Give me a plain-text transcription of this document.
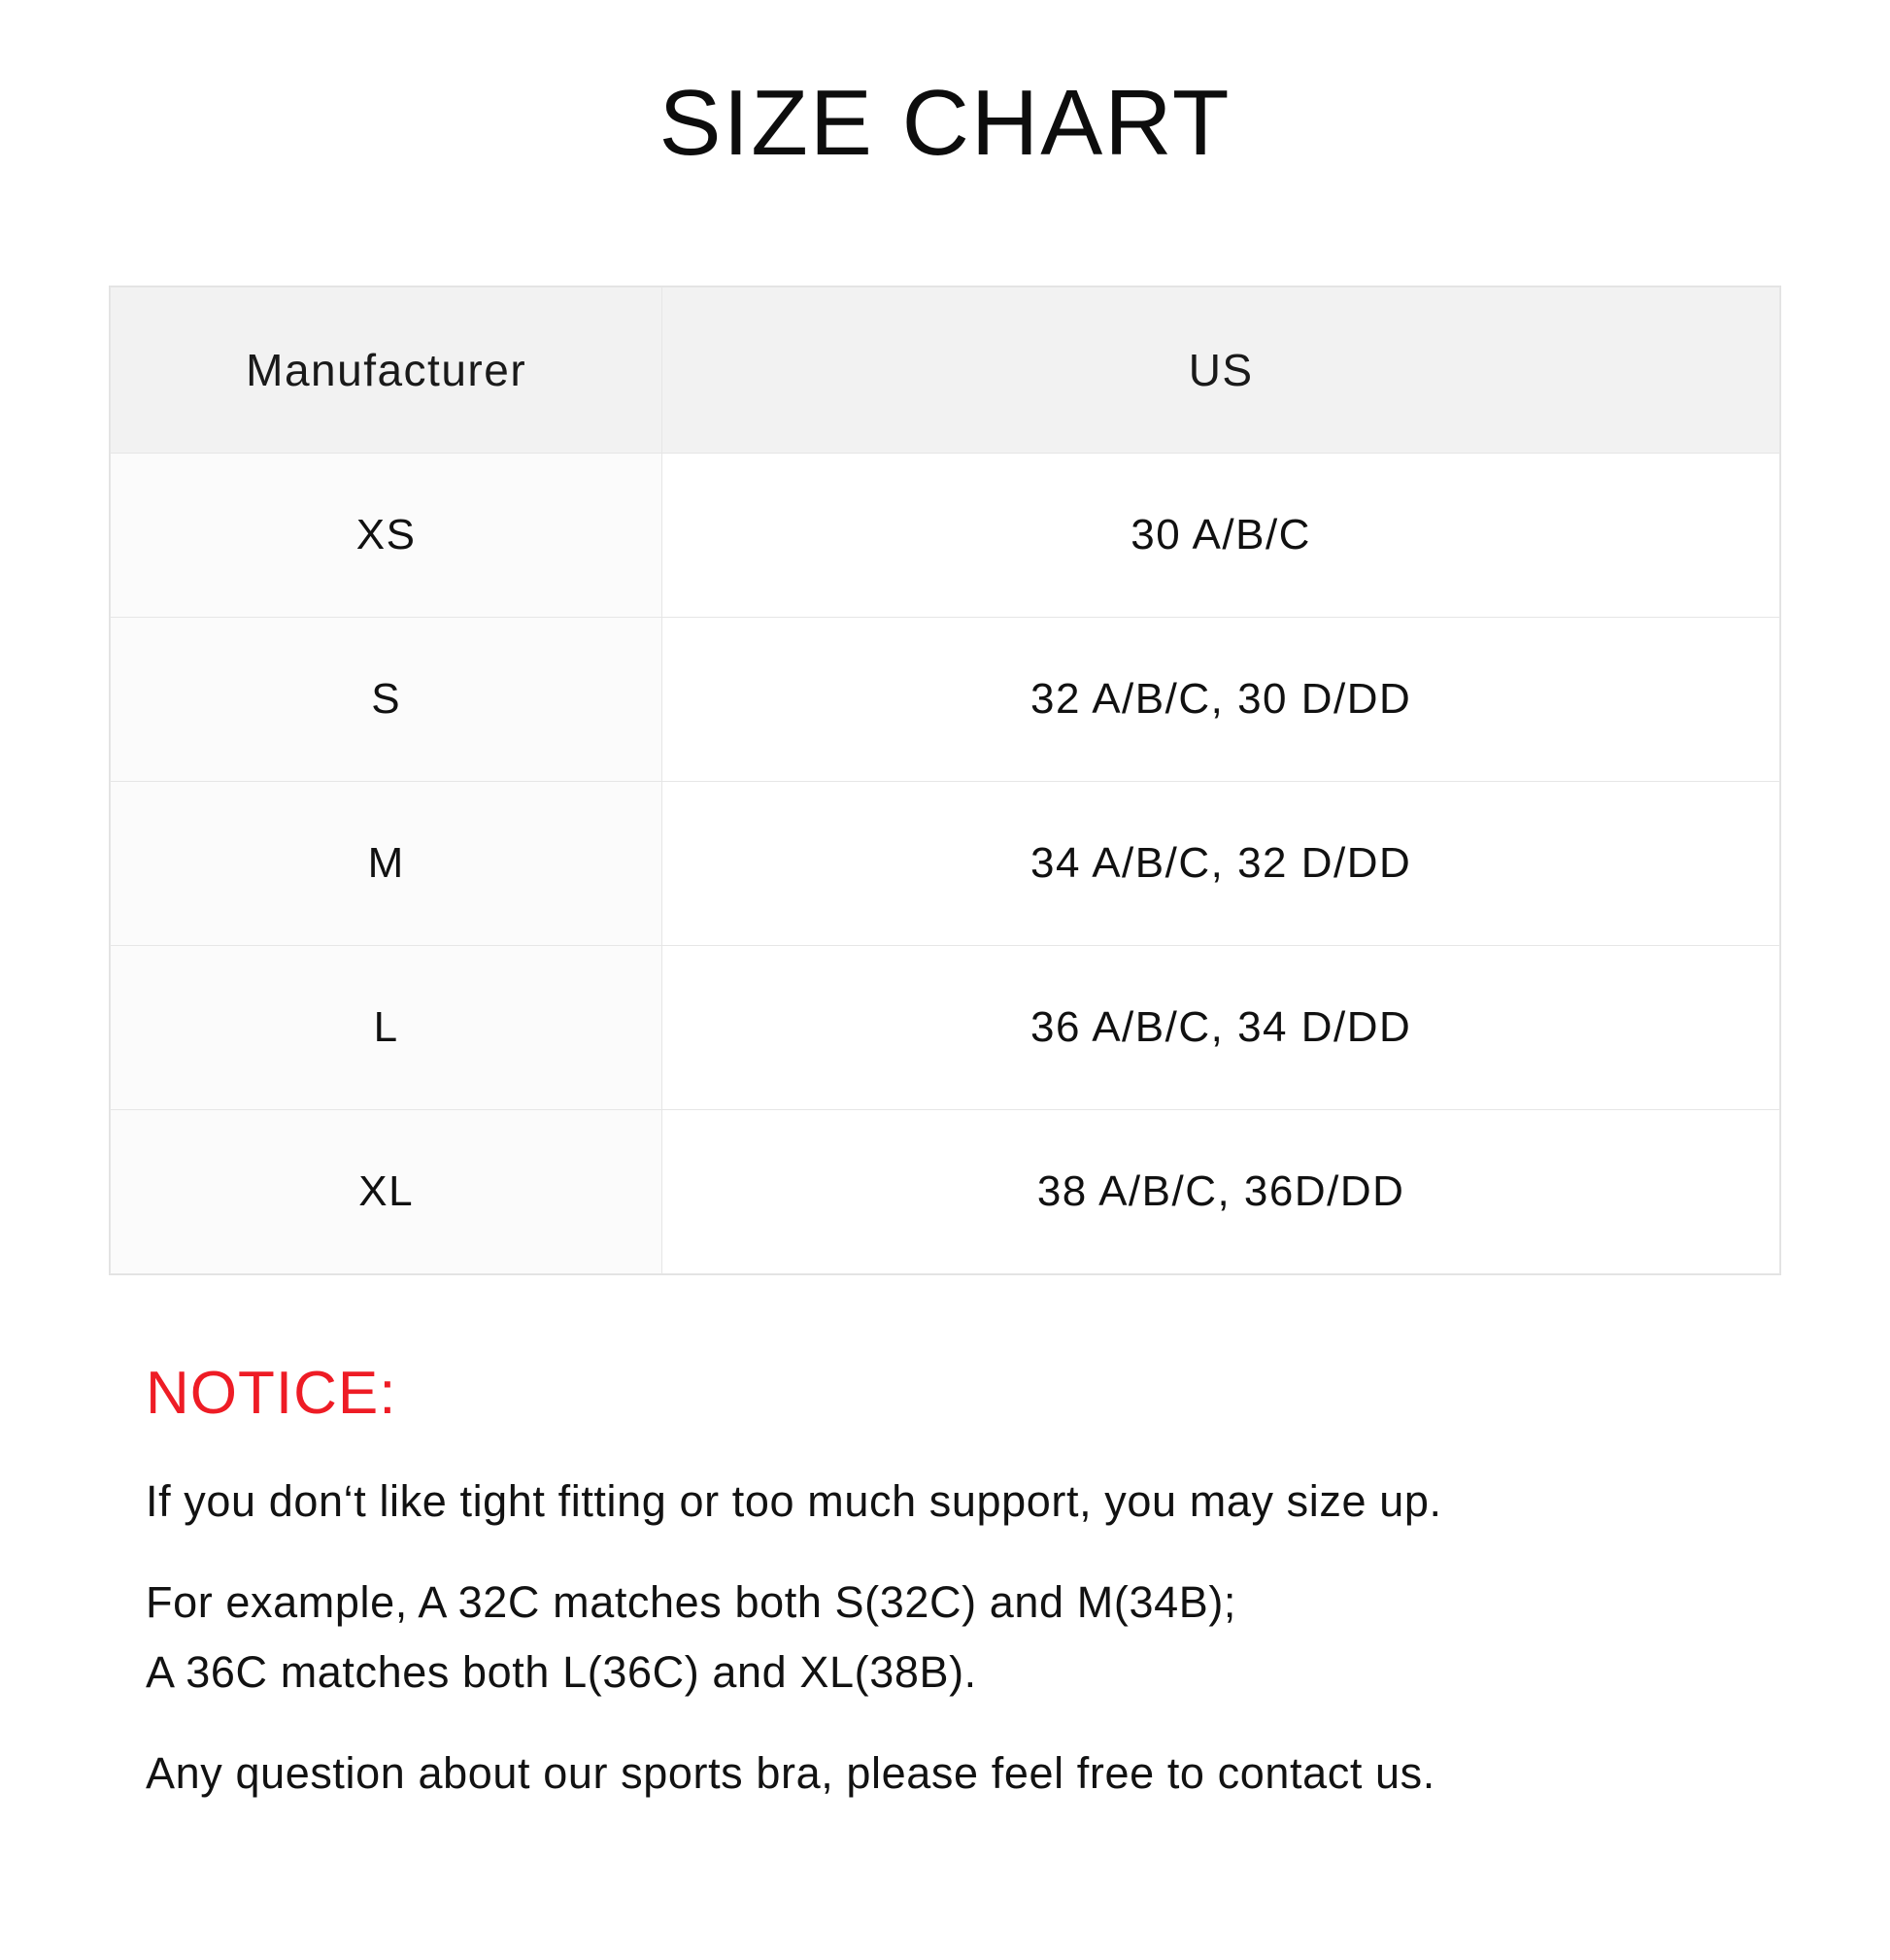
SIZE CHART
Manufacturer	US
XS	30 A/B/C
S	32 A/B/C, 30 D/DD
M	34 A/B/C, 32 D/DD
L	36 A/B/C, 34 D/DD
XL	38 A/B/C, 36D/DD
NOTICE:

If you don‘t like tight fitting or too much support, you may size up.

For example, A 32C matches both S(32C) and M(34B);

A 36C matches both L(36C) and XL(38B).

Any question about our sports bra, please feel free to contact us.
